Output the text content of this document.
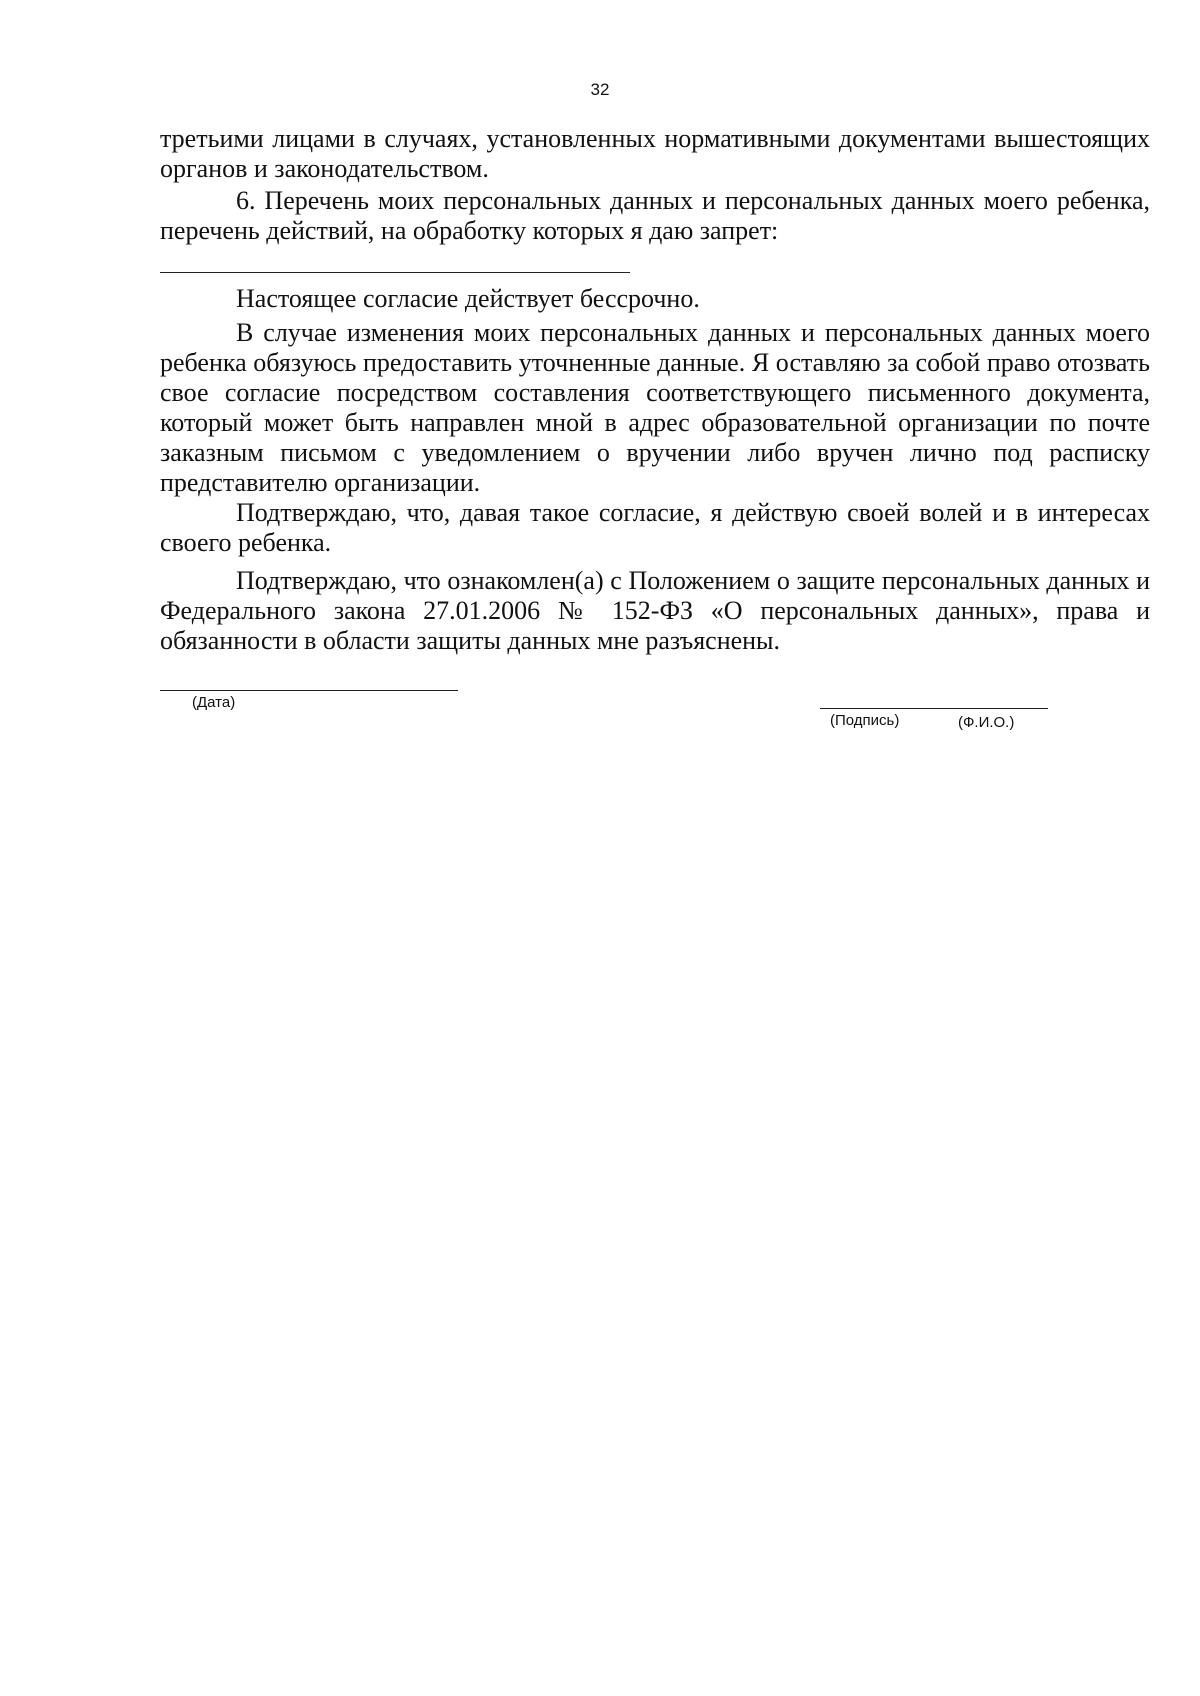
32
третьими лицами в случаях, установленных нормативными документами вышестоящих органов и законодательством.
6. Перечень моих персональных данных и персональных данных моего ребенка, перечень действий, на обработку которых я даю запрет:
Настоящее согласие действует бессрочно.
В случае изменения моих персональных данных и персональных данных моего ребенка обязуюсь предоставить уточненные данные. Я оставляю за собой право отозвать свое согласие посредством составления соответствующего письменного документа, который может быть направлен мной в адрес образовательной организации по почте заказным письмом с уведомлением о вручении либо вручен лично под расписку представителю организации.
Подтверждаю, что, давая такое согласие, я действую своей волей и в интересах своего ребенка.
Подтверждаю, что ознакомлен(а) с Положением о защите персональных данных и Федерального закона 27.01.2006 № 152-ФЗ «О персональных данных», права и обязанности в области защиты данных мне разъяснены.
(Дата)
(Подпись)	(Ф.И.О.)
